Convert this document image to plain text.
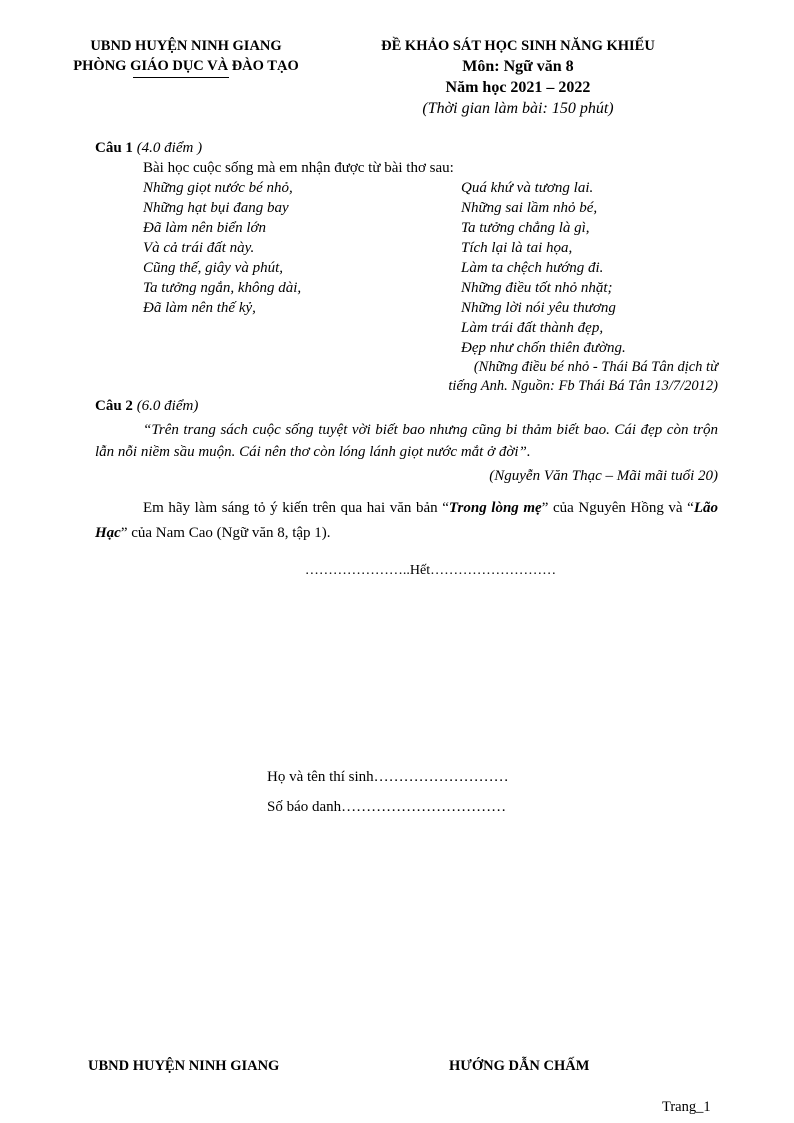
UBND HUYỆN NINH GIANG
PHÒNG GIÁO DỤC VÀ ĐÀO TẠO
ĐỀ KHẢO SÁT HỌC SINH NĂNG KHIẾU
Môn: Ngữ văn 8
Năm học 2021 – 2022
(Thời gian làm bài: 150 phút)
Câu 1 (4.0 điểm )
Bài học cuộc sống mà em nhận được từ bài thơ sau:
Những giọt nước bé nhỏ,
Những hạt bụi đang bay
Đã làm nên biển lớn
Và cả trái đất này.
Cũng thế, giây và phút,
Ta tưởng ngắn, không dài,
Đã làm nên thế kỷ,
Quá khứ và tương lai.
Những sai lầm nhỏ bé,
Ta tưởng chẳng là gì,
Tích lại là tai họa,
Làm ta chệch hướng đi.
Những điều tốt nhỏ nhặt;
Những lời nói yêu thương
Làm trái đất thành đẹp,
Đẹp như chốn thiên đường.
(Những điều bé nhỏ - Thái Bá Tân dịch từ
tiếng Anh. Nguồn: Fb Thái Bá Tân 13/7/2012)
Câu 2 (6.0 điểm)
“Trên trang sách cuộc sống tuyệt vời biết bao nhưng cũng bi thảm biết bao. Cái đẹp còn trộn lẫn nỗi niềm sầu muộn. Cái nên thơ còn lóng lánh giọt nước mắt ở đời”.
(Nguyễn Văn Thạc – Mãi mãi tuổi 20)
Em hãy làm sáng tỏ ý kiến trên qua hai văn bản “Trong lòng mẹ” của Nguyên Hồng và “Lão Hạc” của Nam Cao (Ngữ văn 8, tập 1).
…………………..Hết………………………
Họ và tên thí sinh………………………
Số báo danh……………………………
UBND HUYỆN NINH GIANG	HƯỚNG DẪN CHẤM
Trang_1
